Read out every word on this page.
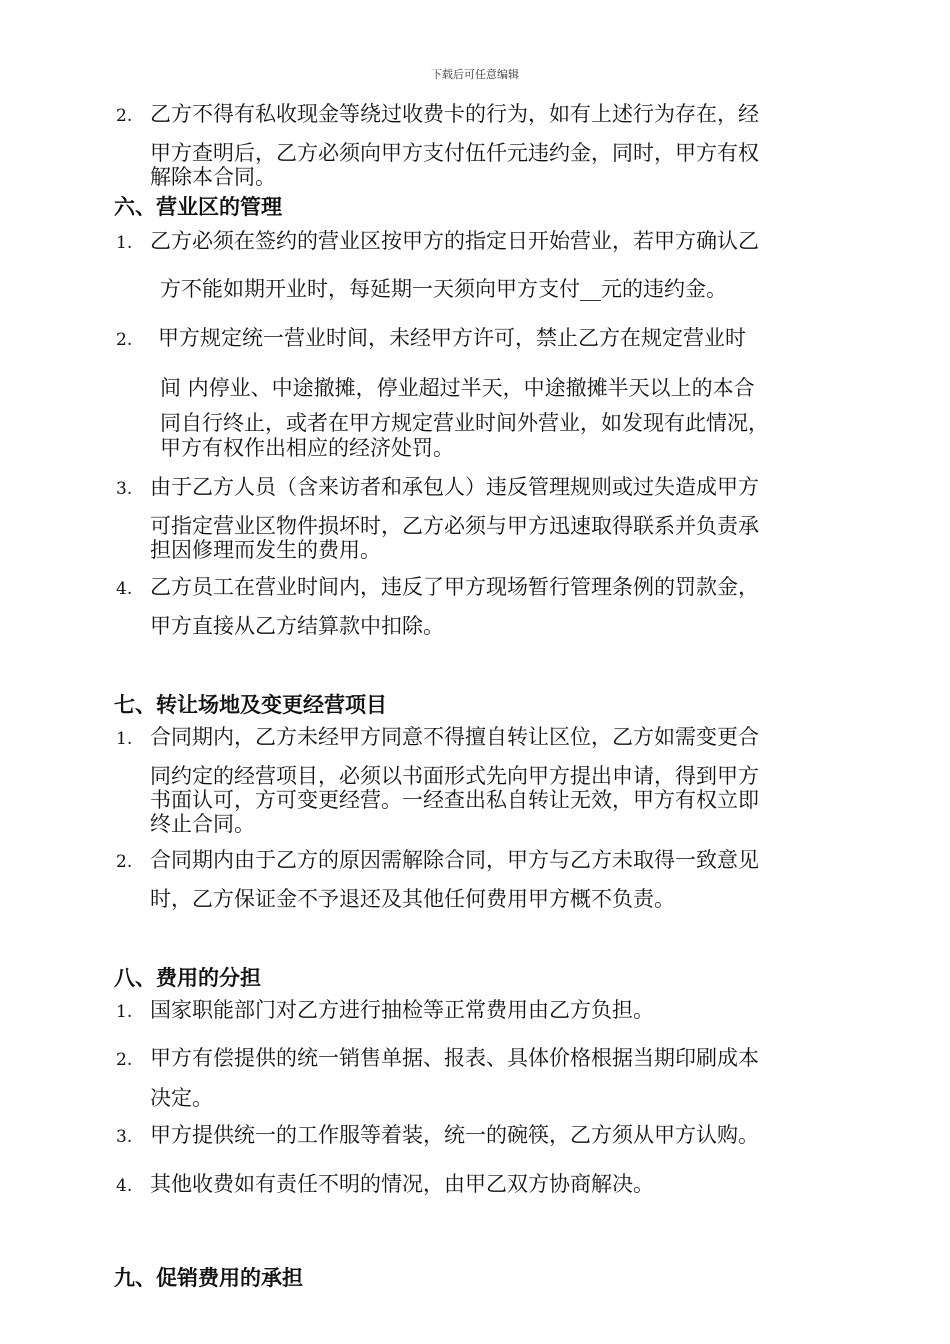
下载后可任意编辑
2. 乙方不得有私收现金等绕过收费卡的行为，如有上述行为存在，经
甲方查明后，乙方必须向甲方支付伍仟元违约金，同时，甲方有权
解除本合同。
六、营业区的管理
1. 乙方必须在签约的营业区按甲方的指定日开始营业，若甲方确认乙
方不能如期开业时，每延期一天须向甲方支付__元的违约金。
2. 甲方规定统一营业时间，未经甲方许可，禁止乙方在规定营业时
间 内停业、中途撤摊，停业超过半天，中途撤摊半天以上的本合
同自行终止，或者在甲方规定营业时间外营业，如发现有此情况，
甲方有权作出相应的经济处罚。
3. 由于乙方人员（含来访者和承包人）违反管理规则或过失造成甲方
可指定营业区物件损坏时，乙方必须与甲方迅速取得联系并负责承
担因修理而发生的费用。
4. 乙方员工在营业时间内，违反了甲方现场暂行管理条例的罚款金，
甲方直接从乙方结算款中扣除。
七、转让场地及变更经营项目
1. 合同期内，乙方未经甲方同意不得擅自转让区位，乙方如需变更合
同约定的经营项目，必须以书面形式先向甲方提出申请，得到甲方
书面认可，方可变更经营。一经查出私自转让无效，甲方有权立即
终止合同。
2. 合同期内由于乙方的原因需解除合同，甲方与乙方未取得一致意见
时，乙方保证金不予退还及其他任何费用甲方概不负责。
八、费用的分担
1. 国家职能部门对乙方进行抽检等正常费用由乙方负担。
2. 甲方有偿提供的统一销售单据、报表、具体价格根据当期印刷成本
决定。
3. 甲方提供统一的工作服等着装，统一的碗筷，乙方须从甲方认购。
4. 其他收费如有责任不明的情况，由甲乙双方协商解决。
九、促销费用的承担
